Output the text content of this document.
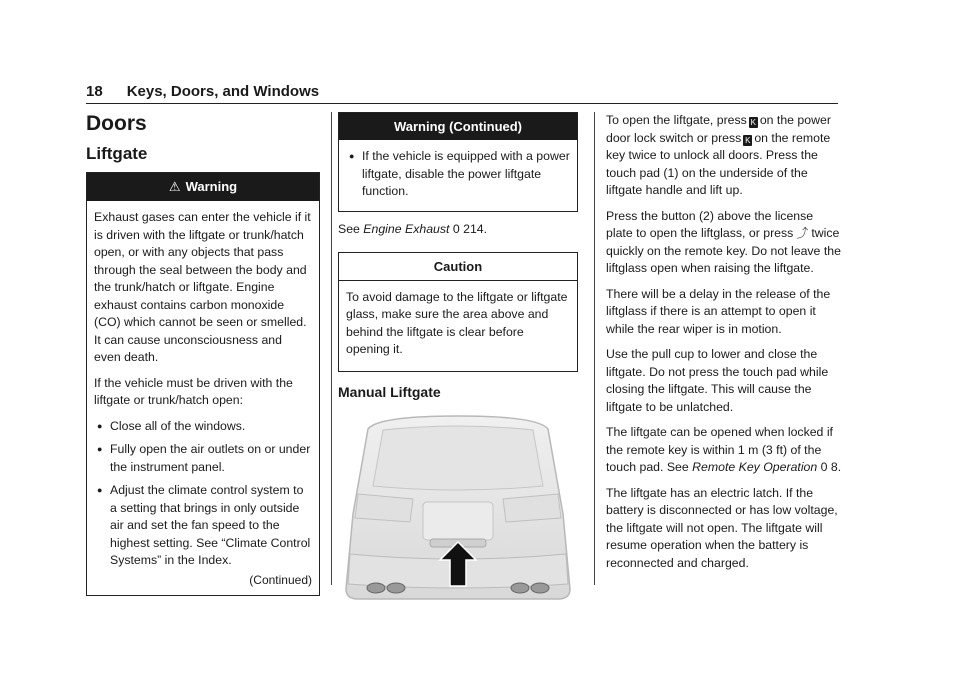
18 Keys, Doors, and Windows
Doors
Liftgate
⚠ Warning

Exhaust gases can enter the vehicle if it is driven with the liftgate or trunk/hatch open, or with any objects that pass through the seal between the body and the trunk/hatch or liftgate. Engine exhaust contains carbon monoxide (CO) which cannot be seen or smelled. It can cause unconsciousness and even death.

If the vehicle must be driven with the liftgate or trunk/hatch open:

● Close all of the windows.
● Fully open the air outlets on or under the instrument panel.
● Adjust the climate control system to a setting that brings in only outside air and set the fan speed to the highest setting. See “Climate Control Systems” in the Index.
(Continued)
Warning (Continued)
● If the vehicle is equipped with a power liftgate, disable the power liftgate function.

See Engine Exhaust 0 214.

Caution

To avoid damage to the liftgate or liftgate glass, make sure the area above and behind the liftgate is clear before opening it.

Manual Liftgate

To open the liftgate, press K on the power door lock switch or press K on the remote key twice to unlock all doors. Press the touch pad (1) on the underside of the liftgate handle and lift up.

Press the button (2) above the license plate to open the liftglass, or press ⤴ twice quickly on the remote key. Do not leave the liftglass open when raising the liftgate.

There will be a delay in the release of the liftglass if there is an attempt to open it while the rear wiper is in motion.

Use the pull cup to lower and close the liftgate. Do not press the touch pad while closing the liftgate. This will cause the liftgate to be unlatched.

The liftgate can be opened when locked if the remote key is within 1 m (3 ft) of the touch pad. See Remote Key Operation 0 8.

The liftgate has an electric latch. If the battery is disconnected or has low voltage, the liftgate will not open. The liftgate will resume operation when the battery is reconnected and charged.
